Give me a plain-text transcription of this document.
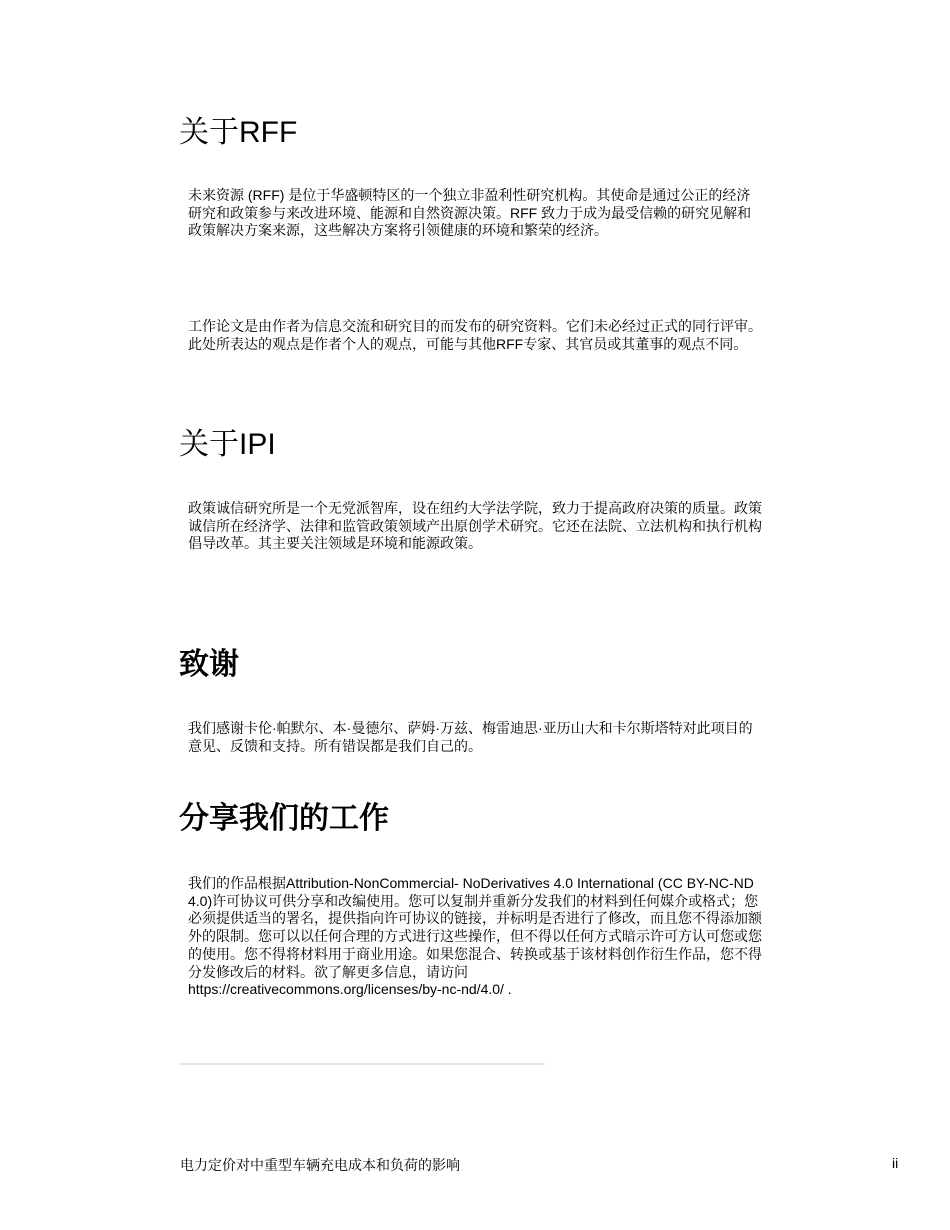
关于RFF

未来资源 (RFF) 是位于华盛顿特区的一个独立非盈利性研究机构。其使命是通过公正的经济研究和政策参与来改进环境、能源和自然资源决策。RFF 致力于成为最受信赖的研究见解和政策解决方案来源，这些解决方案将引领健康的环境和繁荣的经济。

工作论文是由作者为信息交流和研究目的而发布的研究资料。它们未必经过正式的同行评审。此处所表达的观点是作者个人的观点，可能与其他RFF专家、其官员或其董事的观点不同。

关于IPI

政策诚信研究所是一个无党派智库，设在纽约大学法学院，致力于提高政府决策的质量。政策诚信所在经济学、法律和监管政策领域产出原创学术研究。它还在法院、立法机构和执行机构倡导改革。其主要关注领域是环境和能源政策。

致谢

我们感谢卡伦·帕默尔、本·曼德尔、萨姆·万兹、梅雷迪思·亚历山大和卡尔斯塔特对此项目的意见、反馈和支持。所有错误都是我们自己的。

分享我们的工作

我们的作品根据Attribution-NonCommercial- NoDerivatives 4.0 International (CC BY-NC-ND 4.0)许可协议可供分享和改编使用。您可以复制并重新分发我们的材料到任何媒介或格式；您必须提供适当的署名，提供指向许可协议的链接，并标明是否进行了修改，而且您不得添加额外的限制。您可以以任何合理的方式进行这些操作，但不得以任何方式暗示许可方认可您或您的使用。您不得将材料用于商业用途。如果您混合、转换或基于该材料创作衍生作品，您不得分发修改后的材料。欲了解更多信息，请访问
https://creativecommons.org/licenses/by-nc-nd/4.0/ .

电力定价对中重型车辆充电成本和负荷的影响	ii
